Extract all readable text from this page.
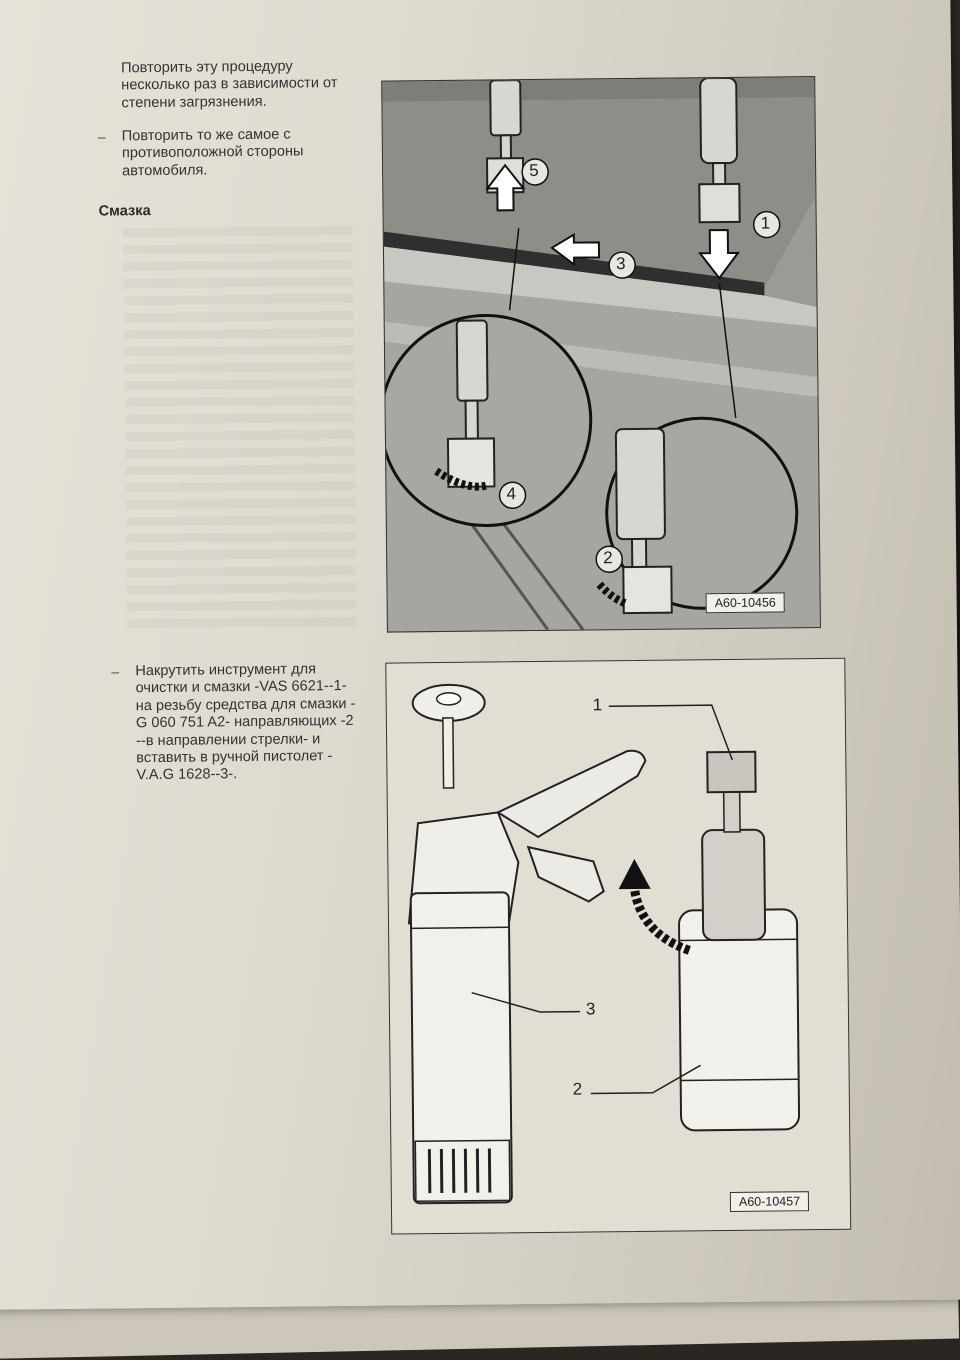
Повторить эту процедуру

несколько раз в зависимости от

степени загрязнения.

– Повторить то же самое с

противоположной стороны

автомобиля.

Смазка
5
1
3
4
2
A60-10456
– Накрутить инструмент для

очистки и смазки -VAS 6621--1-

на резьбу средства для смазки -

G 060 751 A2- направляющих -2

--в направлении стрелки- и

вставить в ручной пистолет -

V.A.G 1628--3-.

1
2
3
A60-10457
